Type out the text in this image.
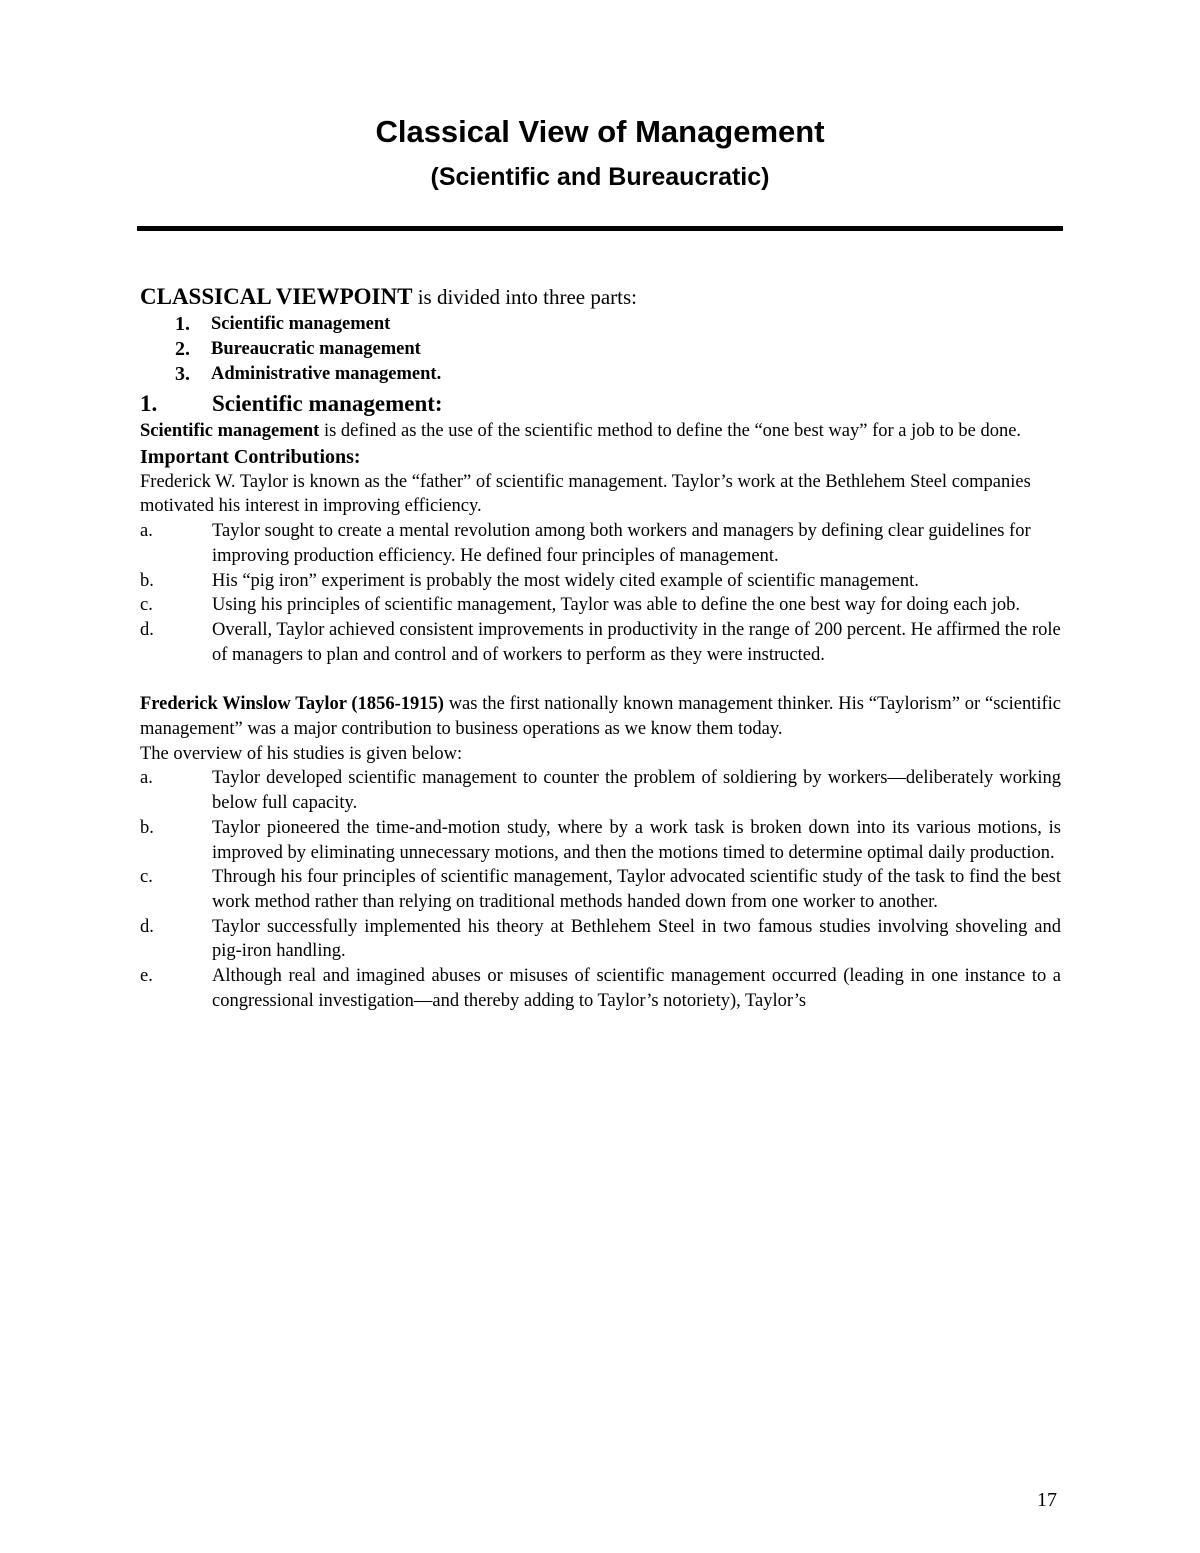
Classical View of Management
(Scientific and Bureaucratic)

CLASSICAL VIEWPOINT is divided into three parts:

1. Scientific management
2. Bureaucratic management
3. Administrative management.
1. Scientific management:

Scientific management is defined as the use of the scientific method to define the “one best way” for a job to be done.

Important Contributions:

Frederick W. Taylor is known as the “father” of scientific management. Taylor’s work at the Bethlehem Steel companies motivated his interest in improving efficiency.

a.	Taylor sought to create a mental revolution among both workers and managers by defining clear guidelines for improving production efficiency. He defined four principles of management.
b.	His “pig iron” experiment is probably the most widely cited example of scientific management.
c.	Using his principles of scientific management, Taylor was able to define the one best way for doing each job.
d.	Overall, Taylor achieved consistent improvements in productivity in the range of 200 percent. He affirmed the role of managers to plan and control and of workers to perform as they were instructed.

Frederick Winslow Taylor (1856-1915) was the first nationally known management thinker. His “Taylorism” or “scientific management” was a major contribution to business operations as we know them today.

The overview of his studies is given below:

a.	Taylor developed scientific management to counter the problem of soldiering by workers—deliberately working below full capacity.
b.	Taylor pioneered the time-and-motion study, where by a work task is broken down into its various motions, is improved by eliminating unnecessary motions, and then the motions timed to determine optimal daily production.
c.	Through his four principles of scientific management, Taylor advocated scientific study of the task to find the best work method rather than relying on traditional methods handed down from one worker to another.
d.	Taylor successfully implemented his theory at Bethlehem Steel in two famous studies involving shoveling and pig-iron handling.
e.	Although real and imagined abuses or misuses of scientific management occurred (leading in one instance to a congressional investigation—and thereby adding to Taylor’s notoriety), Taylor’s
17
